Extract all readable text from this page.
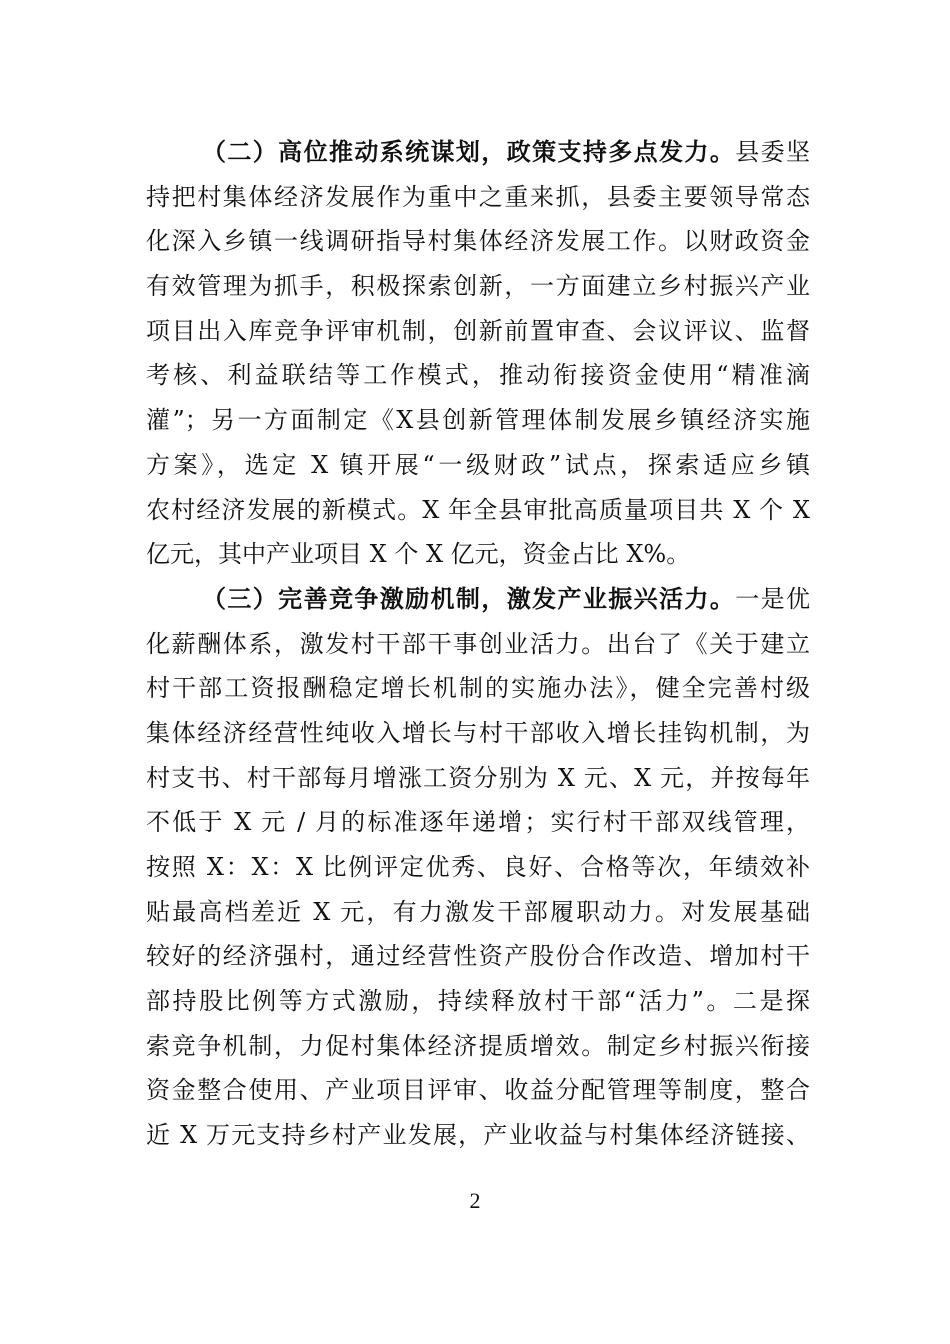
（二）高位推动系统谋划，政策支持多点发力。县委坚
持把村集体经济发展作为重中之重来抓，县委主要领导常态
化深入乡镇一线调研指导村集体经济发展工作。以财政资金
有效管理为抓手，积极探索创新，一方面建立乡村振兴产业
项目出入库竞争评审机制，创新前置审查、会议评议、监督
考核、利益联结等工作模式，推动衔接资金使用“精准滴
灌”；另一方面制定《X县创新管理体制发展乡镇经济实施
方案》，选定 X 镇开展“一级财政”试点，探索适应乡镇
农村经济发展的新模式。X 年全县审批高质量项目共 X 个 X
亿元，其中产业项目 X 个 X 亿元，资金占比 X%。
（三）完善竞争激励机制，激发产业振兴活力。一是优
化薪酬体系，激发村干部干事创业活力。出台了《关于建立
村干部工资报酬稳定增长机制的实施办法》，健全完善村级
集体经济经营性纯收入增长与村干部收入增长挂钩机制，为
村支书、村干部每月增涨工资分别为 X 元、X 元，并按每年
不低于 X 元 / 月的标准逐年递增；实行村干部双线管理，
按照 X：X：X 比例评定优秀、良好、合格等次，年绩效补
贴最高档差近 X 元，有力激发干部履职动力。对发展基础
较好的经济强村，通过经营性资产股份合作改造、增加村干
部持股比例等方式激励，持续释放村干部“活力”。二是探
索竞争机制，力促村集体经济提质增效。制定乡村振兴衔接
资金整合使用、产业项目评审、收益分配管理等制度，整合
近 X 万元支持乡村产业发展，产业收益与村集体经济链接、
2
